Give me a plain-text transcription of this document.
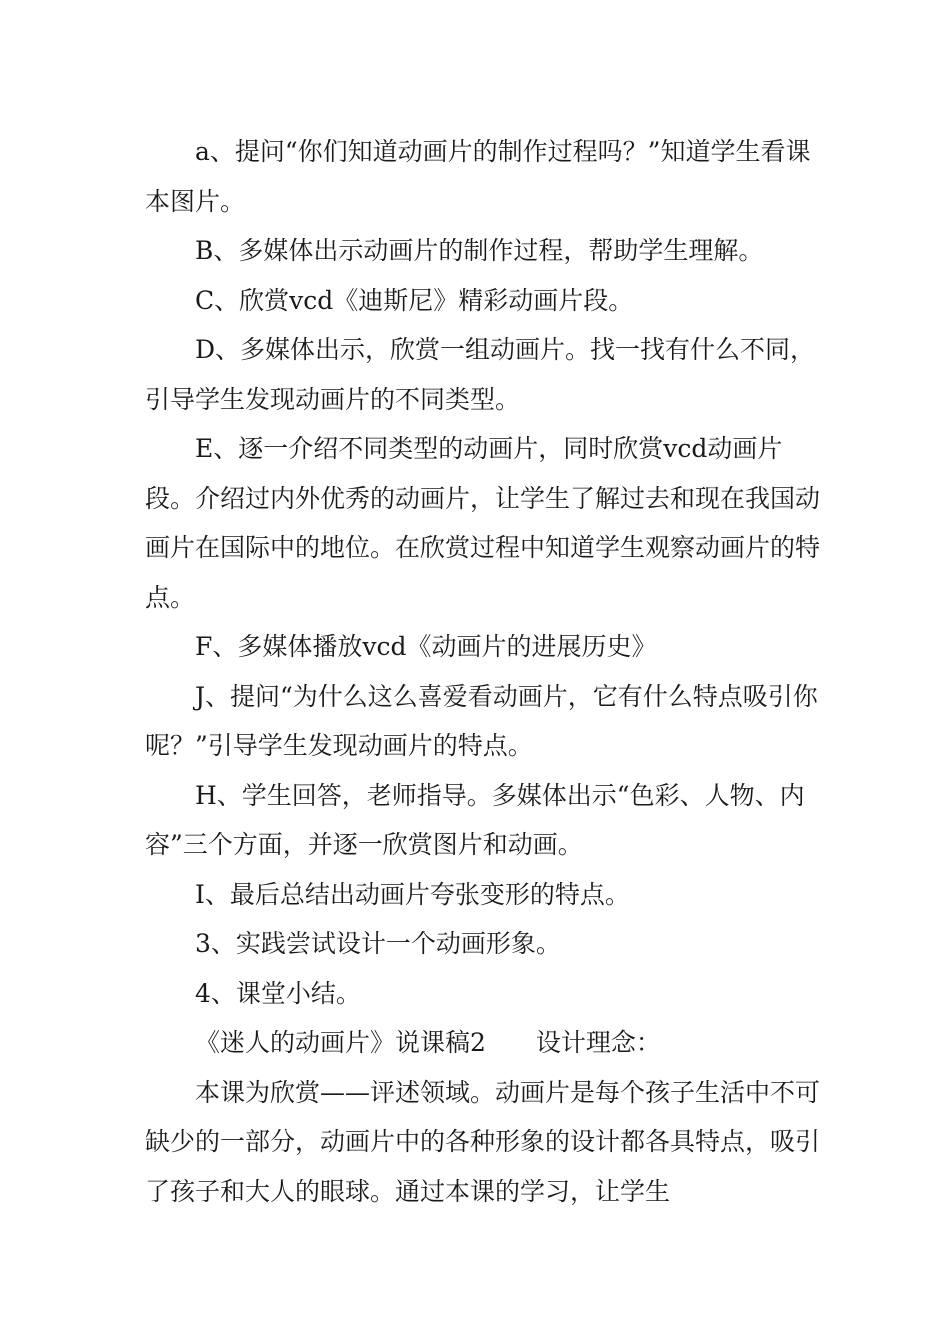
a、提问“你们知道动画片的制作过程吗？”知道学生看课本图片。

B、多媒体出示动画片的制作过程，帮助学生理解。

C、欣赏vcd《迪斯尼》精彩动画片段。

D、多媒体出示，欣赏一组动画片。找一找有什么不同，引导学生发现动画片的不同类型。

E、逐一介绍不同类型的动画片，同时欣赏vcd动画片段。介绍过内外优秀的动画片，让学生了解过去和现在我国动画片在国际中的地位。在欣赏过程中知道学生观察动画片的特点。

F、多媒体播放vcd《动画片的进展历史》

J、提问“为什么这么喜爱看动画片，它有什么特点吸引你呢？”引导学生发现动画片的特点。

H、学生回答，老师指导。多媒体出示“色彩、人物、内容”三个方面，并逐一欣赏图片和动画。

I、最后总结出动画片夸张变形的特点。

3、实践尝试设计一个动画形象。

4、课堂小结。

《迷人的动画片》说课稿2　　设计理念：

本课为欣赏——评述领域。动画片是每个孩子生活中不可缺少的一部分，动画片中的各种形象的设计都各具特点，吸引了孩子和大人的眼球。通过本课的学习，让学生
